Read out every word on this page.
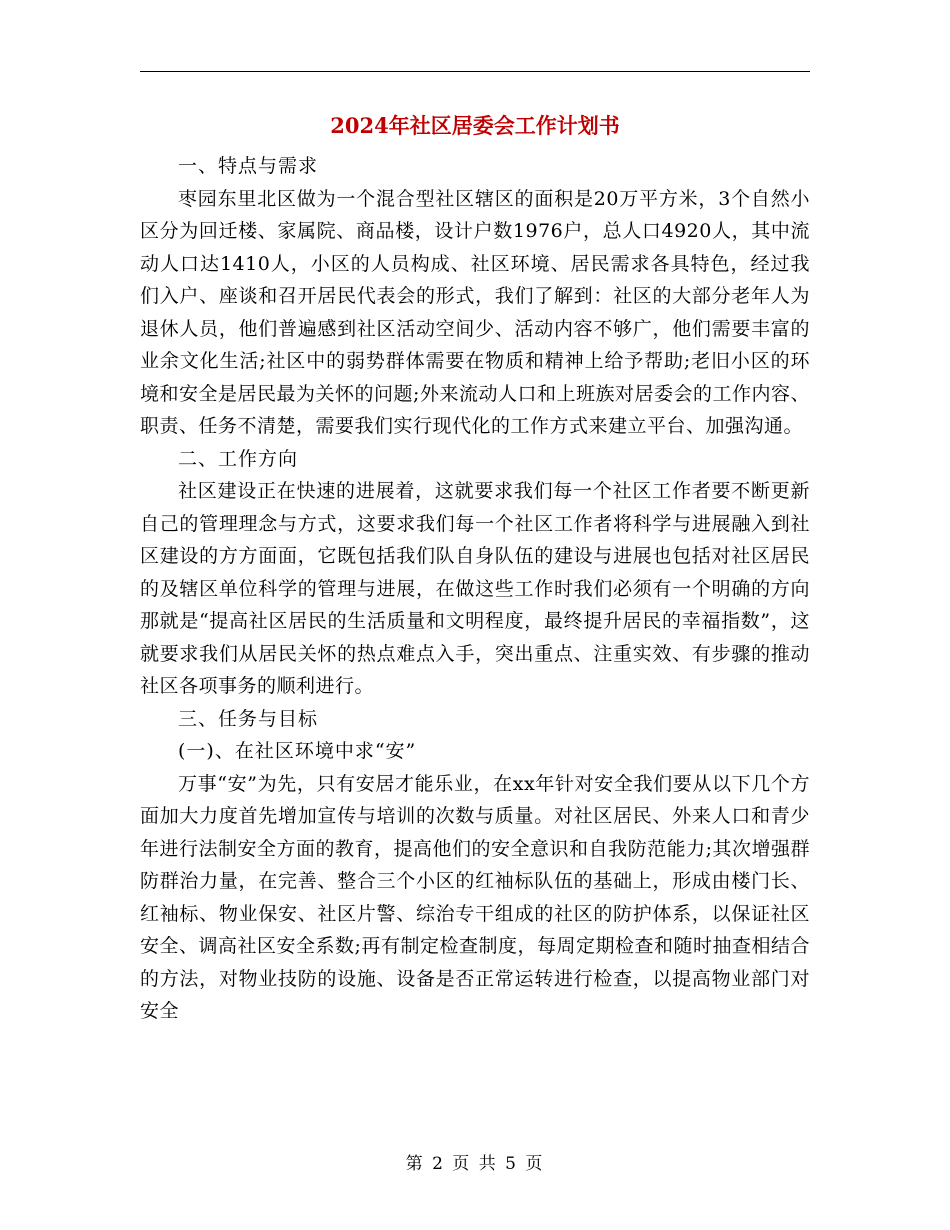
2024年社区居委会工作计划书

一、特点与需求

枣园东里北区做为一个混合型社区辖区的面积是20万平方米，3个自然小区分为回迁楼、家属院、商品楼，设计户数1976户，总人口4920人，其中流动人口达1410人，小区的人员构成、社区环境、居民需求各具特色，经过我们入户、座谈和召开居民代表会的形式，我们了解到：社区的大部分老年人为退休人员，他们普遍感到社区活动空间少、活动内容不够广，他们需要丰富的业余文化生活;社区中的弱势群体需要在物质和精神上给予帮助;老旧小区的环境和安全是居民最为关怀的问题;外来流动人口和上班族对居委会的工作内容、职责、任务不清楚，需要我们实行现代化的工作方式来建立平台、加强沟通。

二、工作方向

社区建设正在快速的进展着，这就要求我们每一个社区工作者要不断更新自己的管理理念与方式，这要求我们每一个社区工作者将科学与进展融入到社区建设的方方面面，它既包括我们队自身队伍的建设与进展也包括对社区居民的及辖区单位科学的管理与进展，在做这些工作时我们必须有一个明确的方向那就是“提高社区居民的生活质量和文明程度，最终提升居民的幸福指数”，这就要求我们从居民关怀的热点难点入手，突出重点、注重实效、有步骤的推动社区各项事务的顺利进行。

三、任务与目标

(一)、在社区环境中求“安”

万事“安”为先，只有安居才能乐业，在xx年针对安全我们要从以下几个方面加大力度首先增加宣传与培训的次数与质量。对社区居民、外来人口和青少年进行法制安全方面的教育，提高他们的安全意识和自我防范能力;其次增强群防群治力量，在完善、整合三个小区的红袖标队伍的基础上，形成由楼门长、红袖标、物业保安、社区片警、综治专干组成的社区的防护体系，以保证社区安全、调高社区安全系数;再有制定检查制度，每周定期检查和随时抽查相结合的方法，对物业技防的设施、设备是否正常运转进行检查，以提高物业部门对安全

第 2 页 共 5 页
